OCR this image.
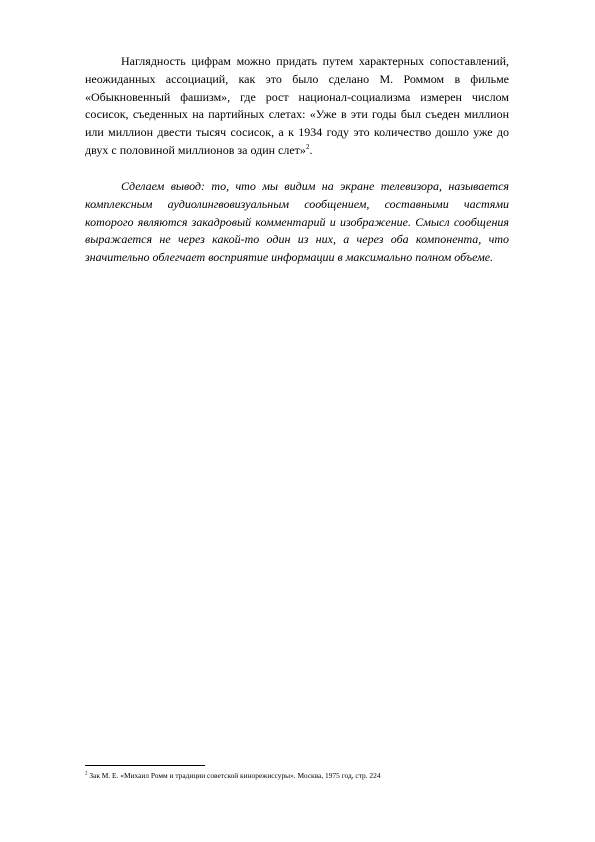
Наглядность цифрам можно придать путем характерных сопоставлений, неожиданных ассоциаций, как это было сделано М. Роммом в фильме «Обыкновенный фашизм», где рост национал-социализма измерен числом сосисок, съеденных на партийных слетах: «Уже в эти годы был съеден миллион или миллион двести тысяч сосисок, а к 1934 году это количество дошло уже до двух с половиной миллионов за один слет»$^2$.

Сделаем вывод: то, что мы видим на экране телевизора, называется комплексным аудиолингвовизуальным сообщением, составными частями которого являются закадровый комментарий и изображение. Смысл сообщения выражается не через какой-то один из них, а через оба компонента, что значительно облегчает восприятие информации в максимально полном объеме.

$^2$ Зак М. Е. «Михаил Ромм и традиции советской кинорежиссуры». Москва, 1975 год, стр. 224
